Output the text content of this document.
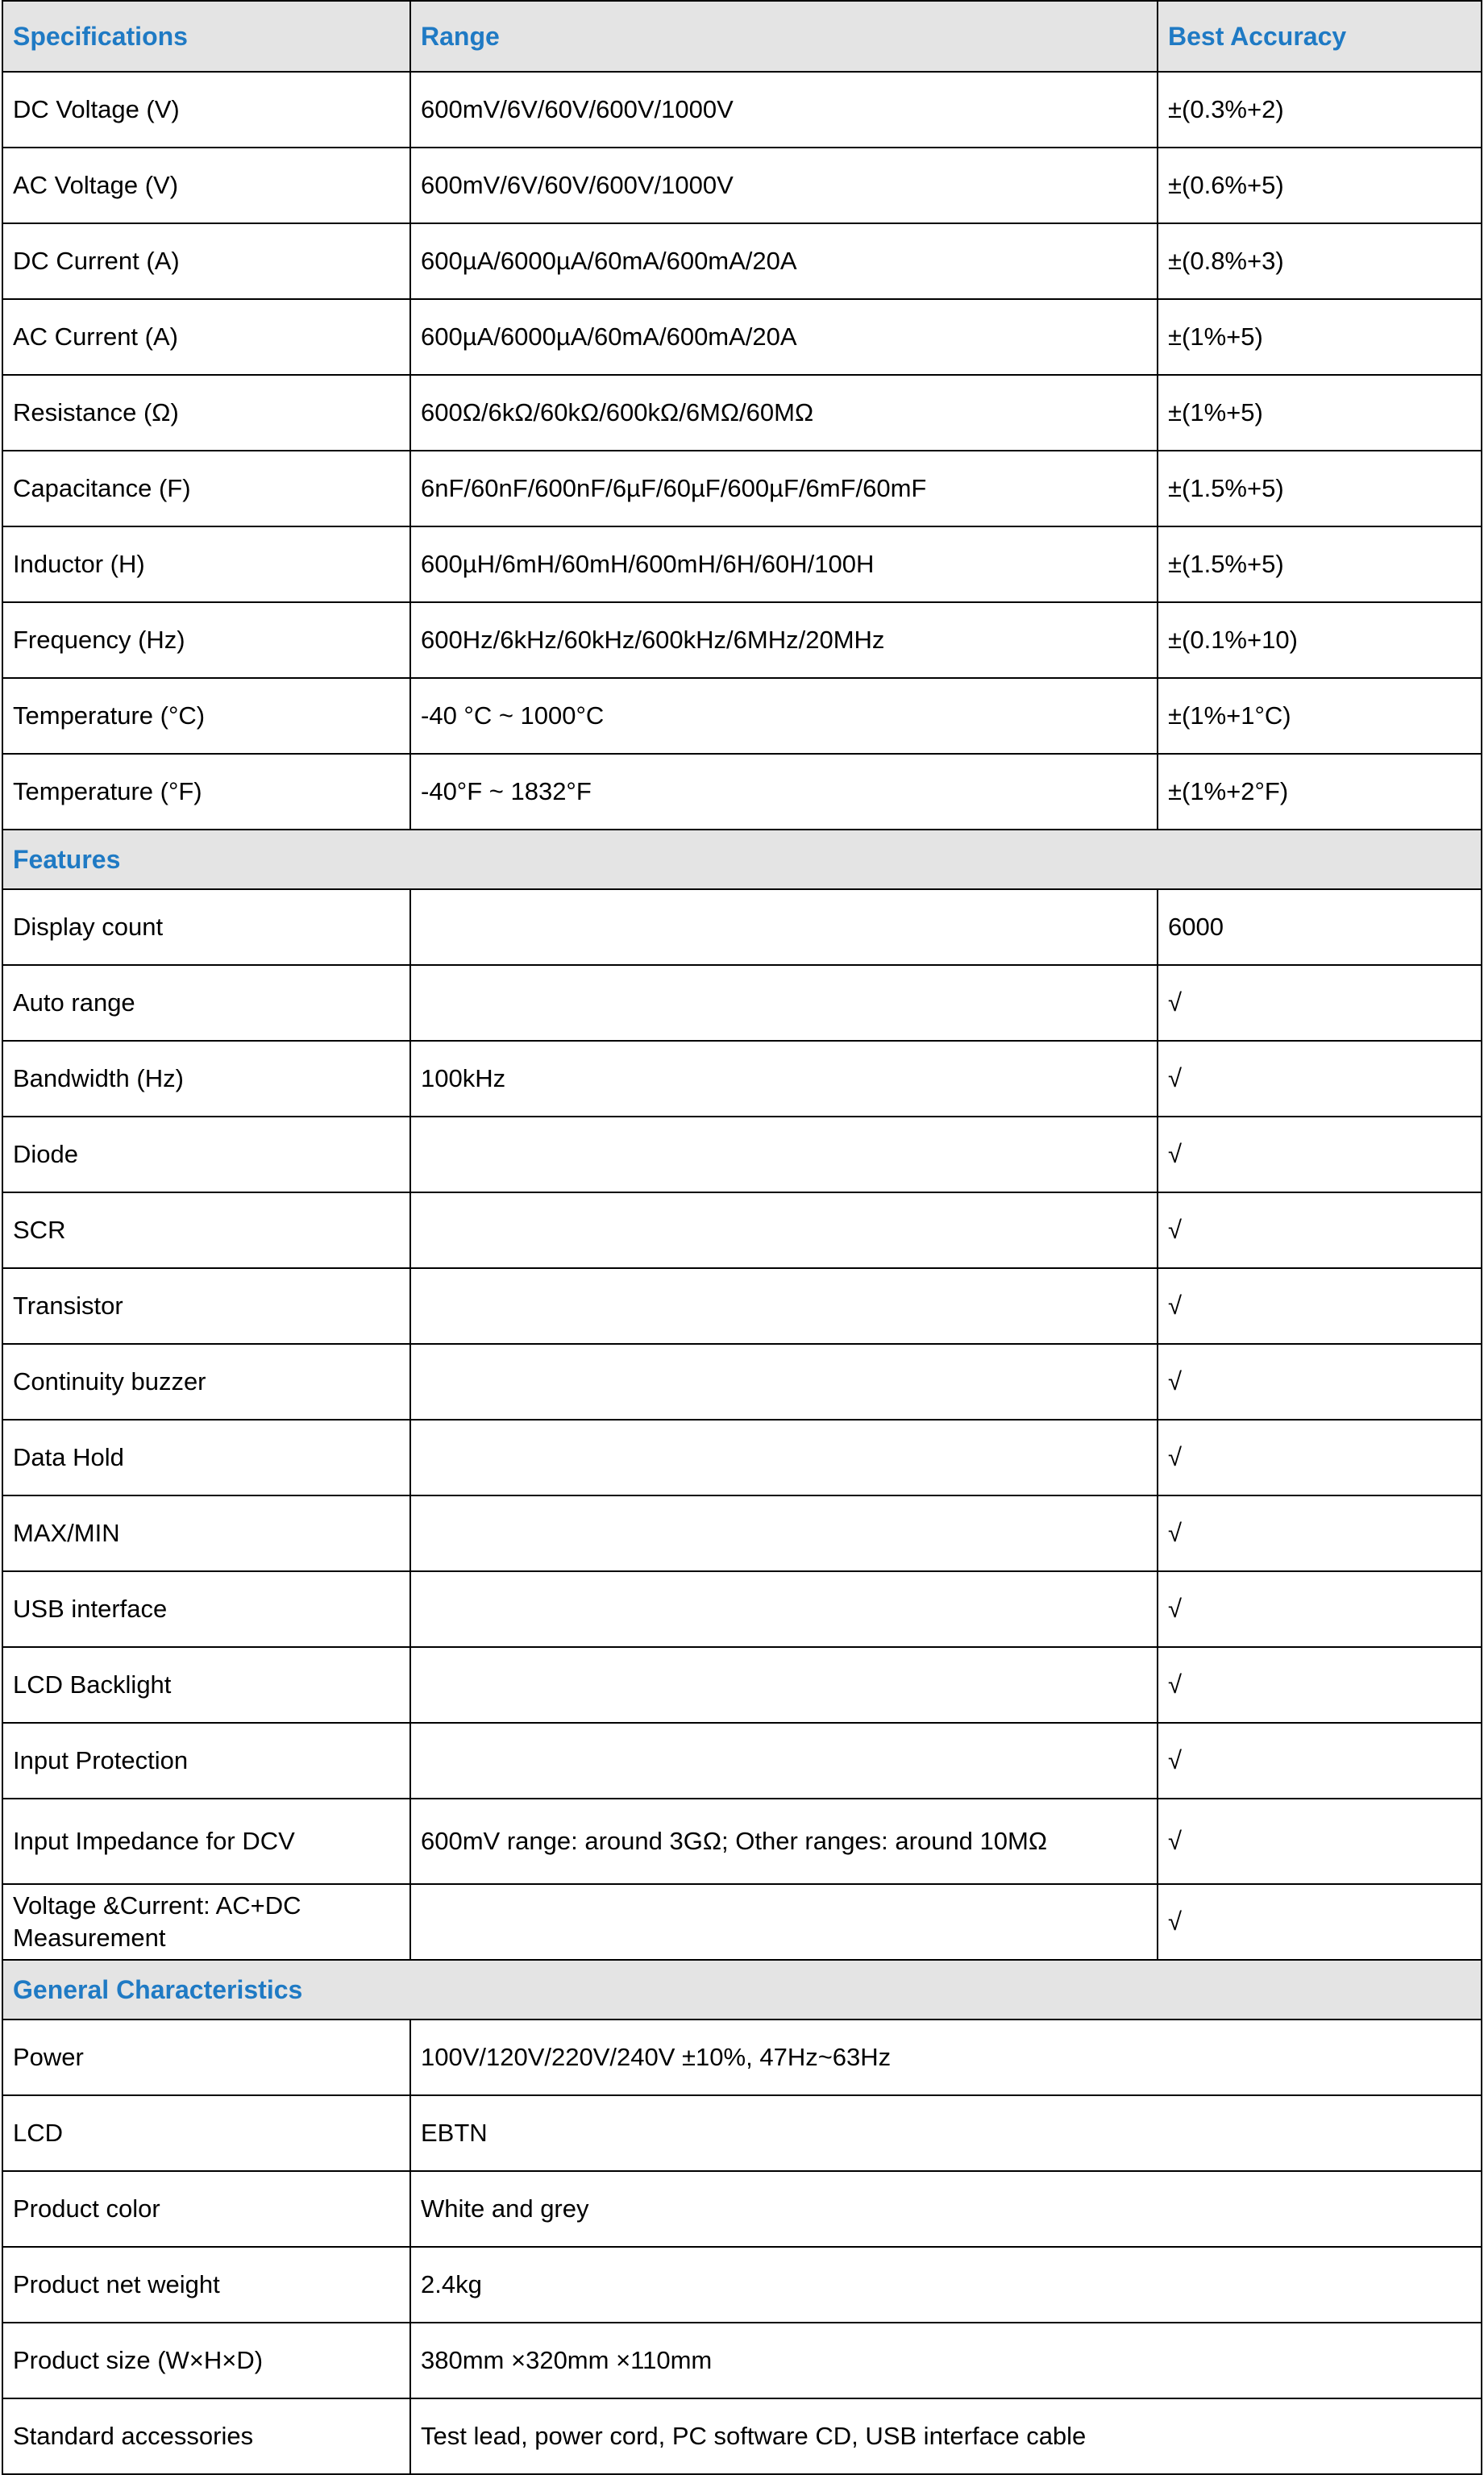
Specifications	Range	Best Accuracy
DC Voltage (V)	600mV/6V/60V/600V/1000V	±(0.3%+2)
AC Voltage (V)	600mV/6V/60V/600V/1000V	±(0.6%+5)
DC Current (A)	600µA/6000µA/60mA/600mA/20A	±(0.8%+3)
AC Current (A)	600µA/6000µA/60mA/600mA/20A	±(1%+5)
Resistance (Ω)	600Ω/6kΩ/60kΩ/600kΩ/6MΩ/60MΩ	±(1%+5)
Capacitance (F)	6nF/60nF/600nF/6µF/60µF/600µF/6mF/60mF	±(1.5%+5)
Inductor (H)	600µH/6mH/60mH/600mH/6H/60H/100H	±(1.5%+5)
Frequency (Hz)	600Hz/6kHz/60kHz/600kHz/6MHz/20MHz	±(0.1%+10)
Temperature (°C)	-40 °C ~ 1000°C	±(1%+1°C)
Temperature (°F)	-40°F ~ 1832°F	±(1%+2°F)
Features		
Display count		6000
Auto range		√
Bandwidth (Hz)	100kHz	√
Diode		√
SCR		√
Transistor		√
Continuity buzzer		√
Data Hold		√
MAX/MIN		√
USB interface		√
LCD Backlight		√
Input Protection		√
Input Impedance for DCV	600mV range: around 3GΩ; Other ranges: around 10MΩ	√
Voltage &Current: AC+DC Measurement		√
General Characteristics		
Power	100V/120V/220V/240V ±10%, 47Hz~63Hz	
LCD	EBTN	
Product color	White and grey	
Product net weight	2.4kg	
Product size (W×H×D)	380mm ×320mm ×110mm	
Standard accessories	Test lead, power cord, PC software CD, USB interface cable	
